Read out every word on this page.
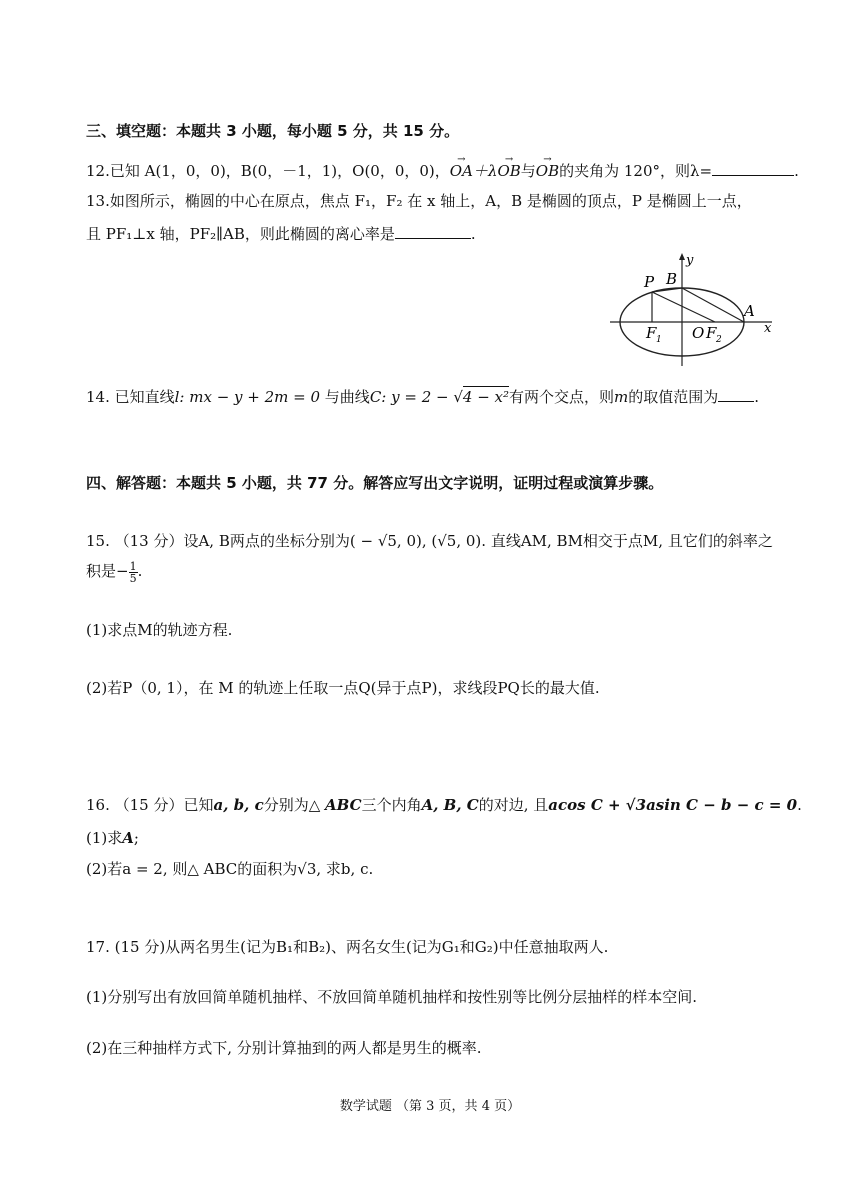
三、填空题：本题共 3 小题，每小题 5 分，共 15 分。
12.已知 A(1，0，0)，B(0，－1，1)，O(0，0，0)，→ OA＋λ→ OB与→ OB的夹角为 120°，则λ=	.
13.如图所示，椭圆的中心在原点，焦点 F₁，F₂ 在 x 轴上，A，B 是椭圆的顶点，P 是椭圆上一点，
且 PF₁⊥x 轴，PF₂∥AB，则此椭圆的离心率是	.
P B
y
A
x
F 1 O F 2
14. 已知直线l: mx − y + 2m = 0 与曲线C: y = 2 − √4 − x²有两个交点，则m的取值范围为 .
四、解答题：本题共 5 小题，共 77 分。解答应写出文字说明，证明过程或演算步骤。
15. （13 分）设A, B两点的坐标分别为( − √5, 0), (√5, 0). 直线AM, BM相交于点M, 且它们的斜率之
积是− $\frac{1}{5}$ .
(1)求点M的轨迹方程.
(2)若P（0, 1），在 M 的轨迹上任取一点Q(异于点P)，求线段PQ长的最大值.
16. （15 分）已知a, b, c分别为△ ABC三个内角A, B, C的对边, 且acos C + √3asin C − b − c = 0.
(1)求A;
(2)若a = 2, 则△ ABC的面积为√3, 求b, c.
17. (15 分)从两名男生(记为B₁和B₂)、两名女生(记为G₁和G₂)中任意抽取两人.
(1)分别写出有放回简单随机抽样、不放回简单随机抽样和按性别等比例分层抽样的样本空间.
(2)在三种抽样方式下, 分别计算抽到的两人都是男生的概率.
数学试题 （第 3 页，共 4 页）
